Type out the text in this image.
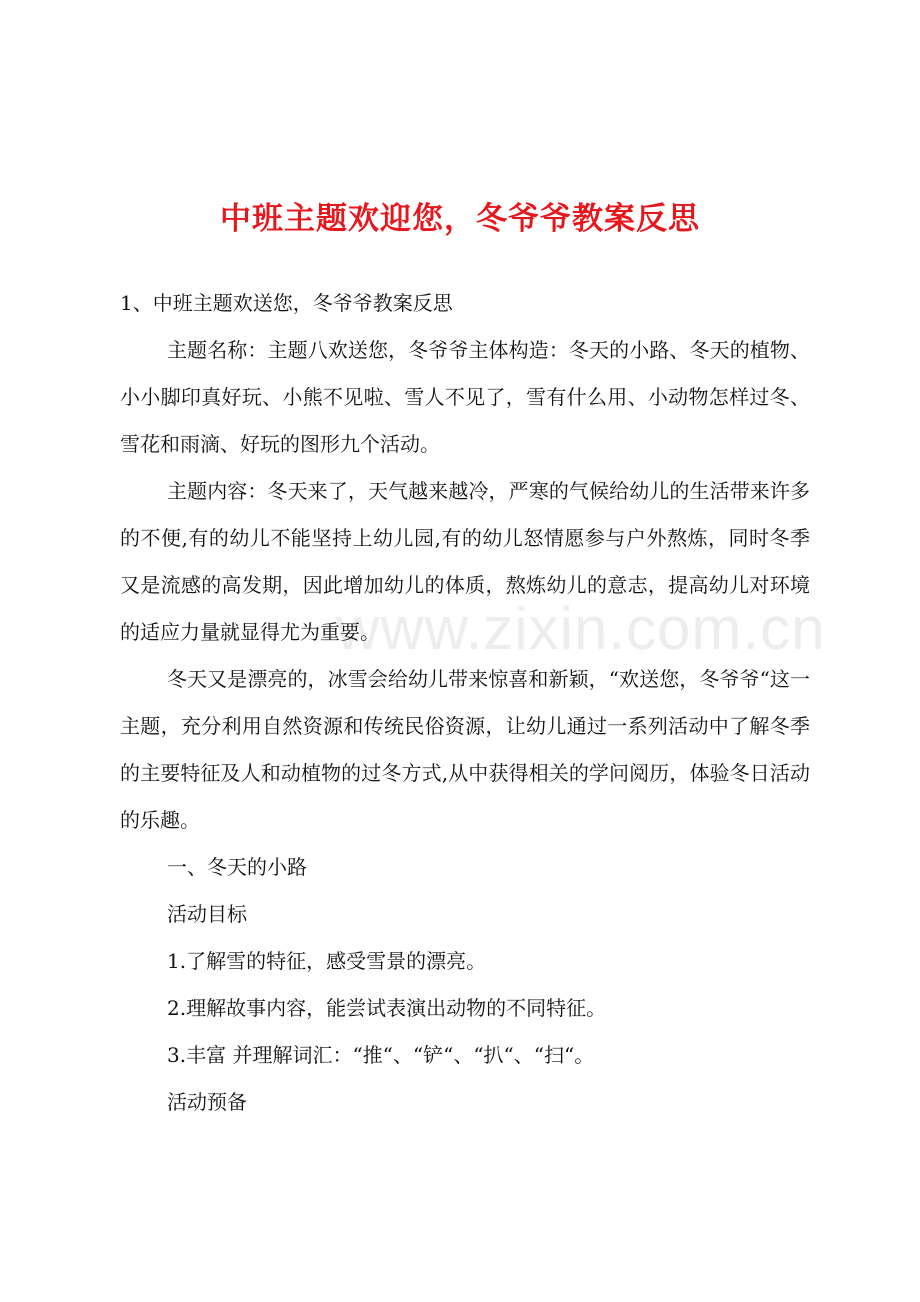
www.zixin.com.cn
中班主题欢迎您，冬爷爷教案反思

1、中班主题欢送您，冬爷爷教案反思

主题名称：主题八欢送您，冬爷爷主体构造：冬天的小路、冬天的植物、小小脚印真好玩、小熊不见啦、雪人不见了，雪有什么用、小动物怎样过冬、雪花和雨滴、好玩的图形九个活动。

主题内容：冬天来了，天气越来越冷，严寒的气候给幼儿的生活带来许多的不便,有的幼儿不能坚持上幼儿园,有的幼儿怒情愿参与户外熬炼，同时冬季又是流感的高发期，因此增加幼儿的体质，熬炼幼儿的意志，提高幼儿对环境的适应力量就显得尤为重要。

冬天又是漂亮的，冰雪会给幼儿带来惊喜和新颖，“欢送您，冬爷爷“这一主题，充分利用自然资源和传统民俗资源，让幼儿通过一系列活动中了解冬季的主要特征及人和动植物的过冬方式,从中获得相关的学问阅历，体验冬日活动的乐趣。

一、冬天的小路

活动目标

1.了解雪的特征，感受雪景的漂亮。

2.理解故事内容，能尝试表演出动物的不同特征。

3.丰富 并理解词汇：“推“、“铲“、“扒“、“扫“。

活动预备
